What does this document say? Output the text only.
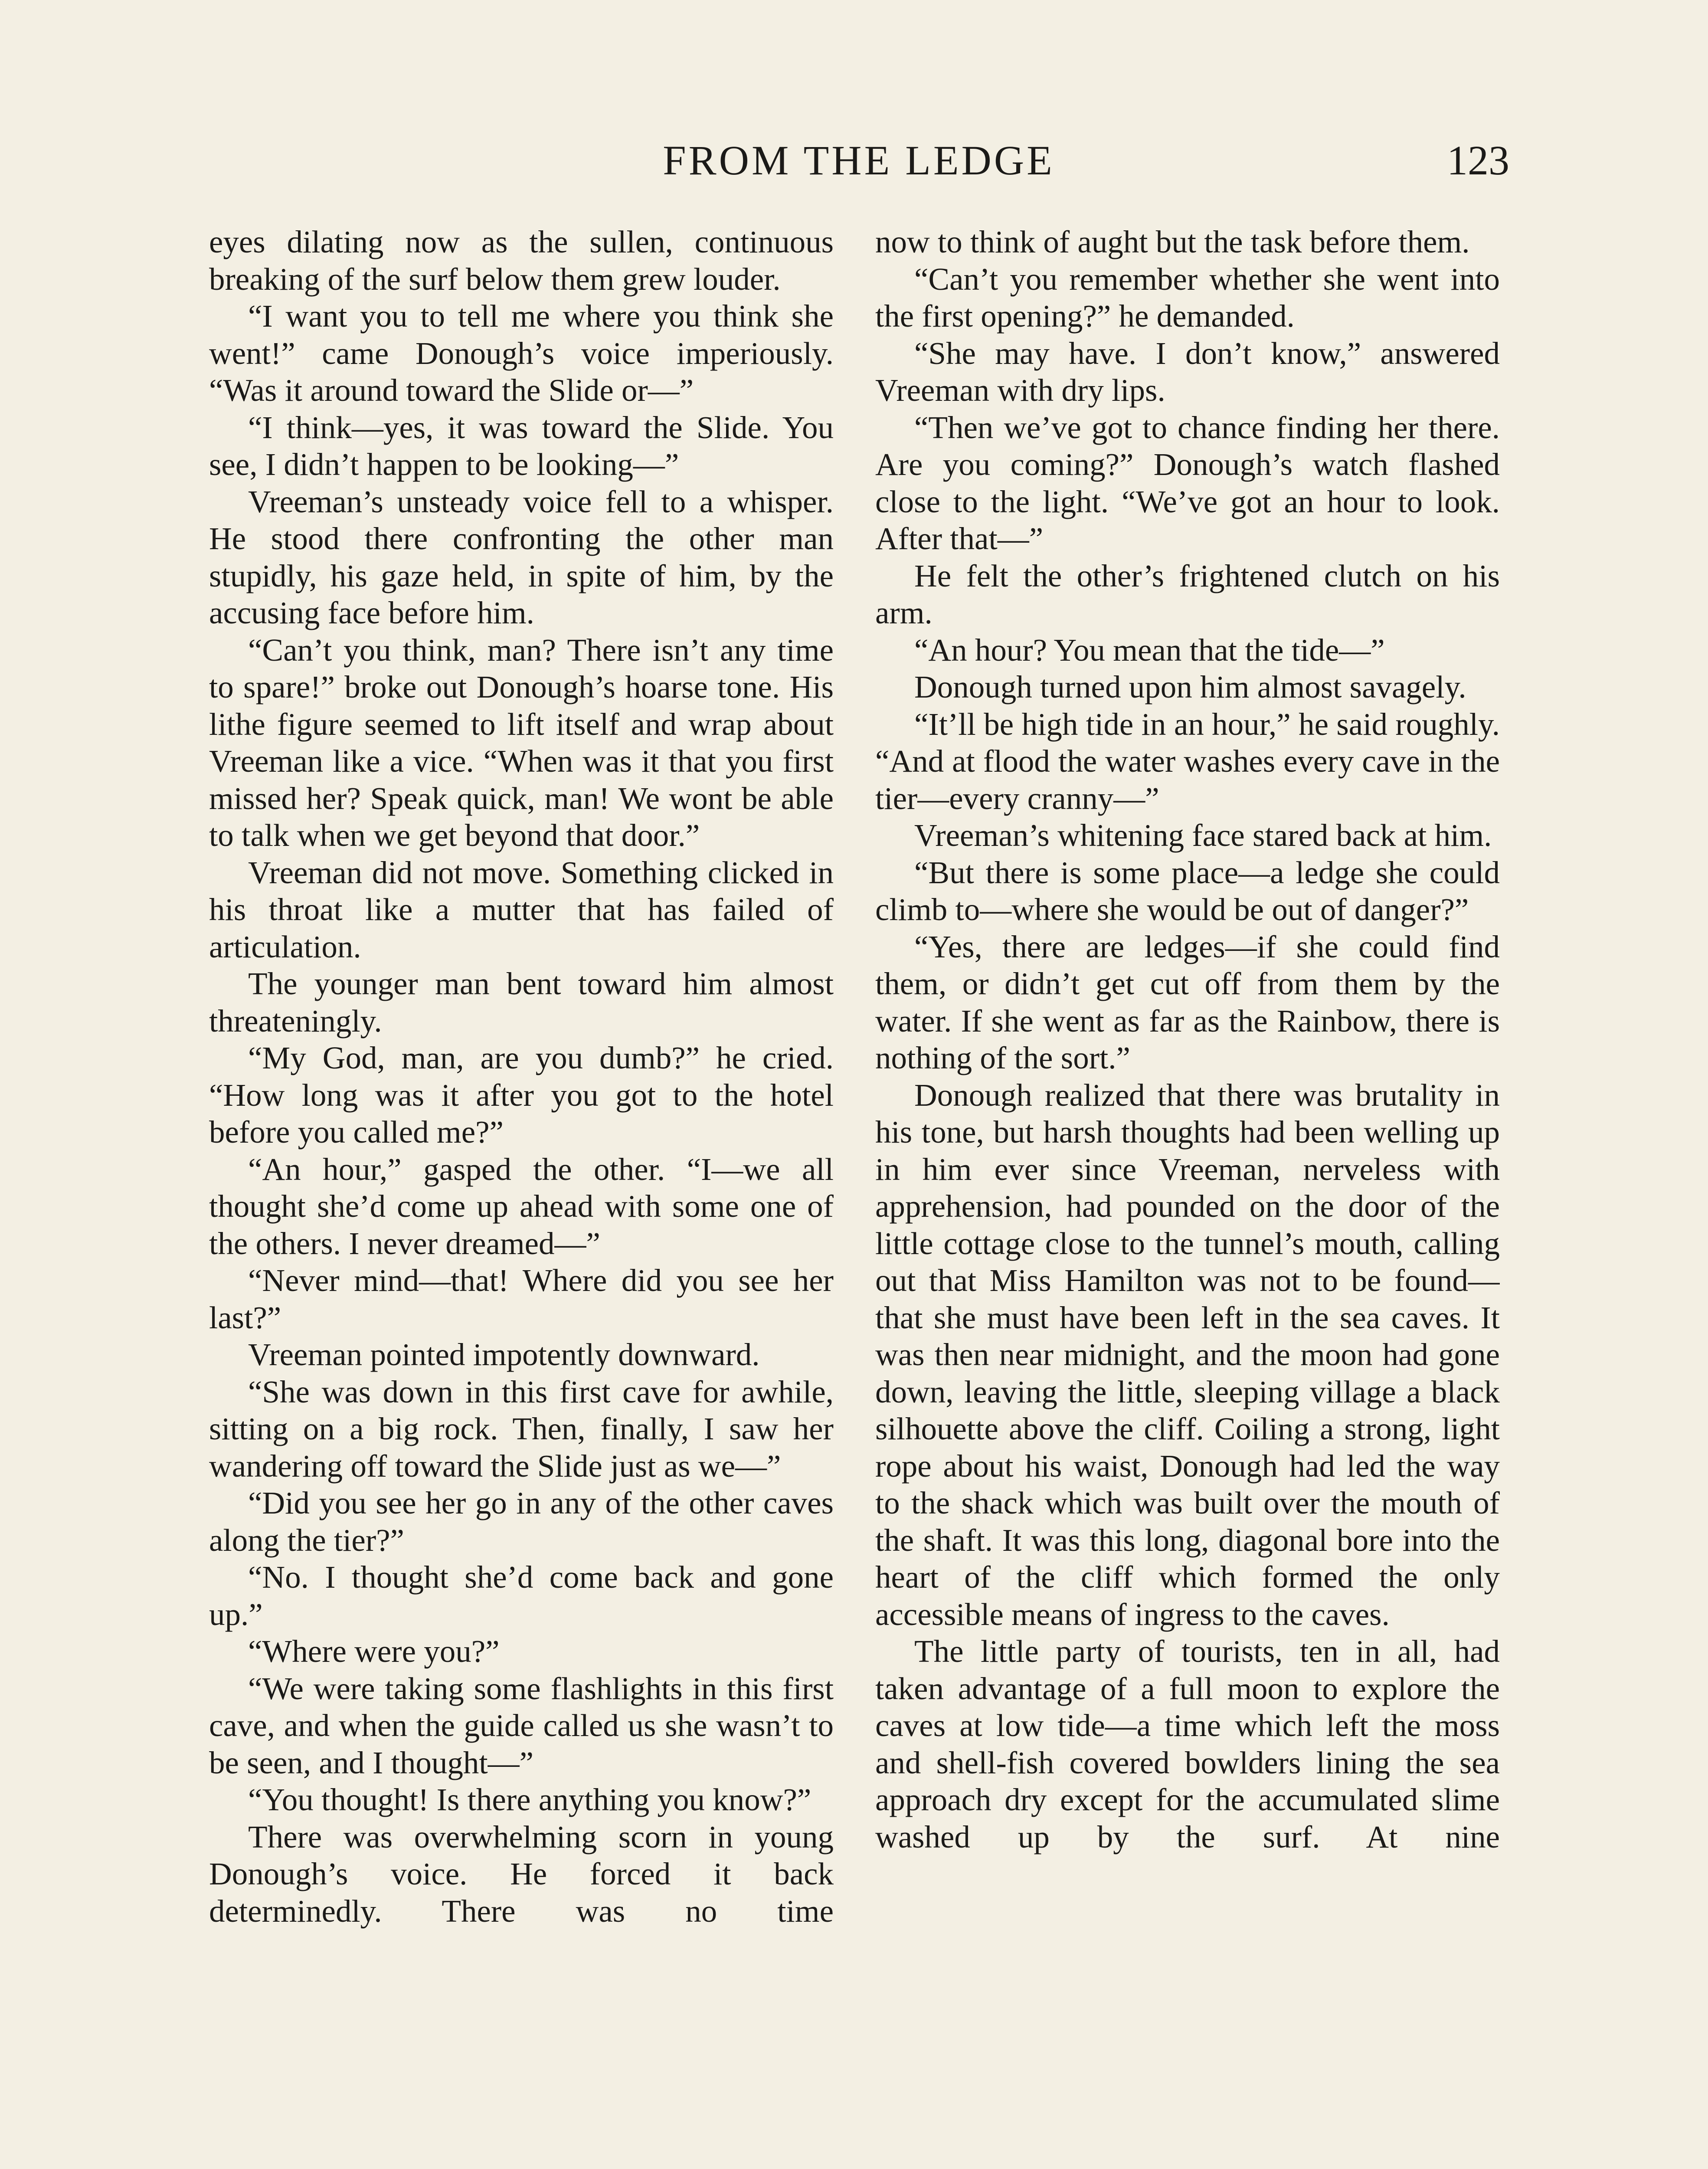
FROM THE LEDGE	123

eyes dilating now as the sullen, continuous breaking of the surf below them grew louder.

“I want you to tell me where you think she went!” came Donough’s voice imperiously. “Was it around toward the Slide or—”

“I think—yes, it was toward the Slide. You see, I didn’t happen to be looking—”

Vreeman’s unsteady voice fell to a whisper. He stood there confronting the other man stupidly, his gaze held, in spite of him, by the accusing face before him.

“Can’t you think, man? There isn’t any time to spare!” broke out Donough’s hoarse tone. His lithe figure seemed to lift itself and wrap about Vreeman like a vice. “When was it that you first missed her? Speak quick, man! We wont be able to talk when we get beyond that door.”

Vreeman did not move. Something clicked in his throat like a mutter that has failed of articulation.

The younger man bent toward him almost threateningly.

“My God, man, are you dumb?” he cried. “How long was it after you got to the hotel before you called me?”

“An hour,” gasped the other. “I—we all thought she’d come up ahead with some one of the others. I never dreamed—”

“Never mind—that! Where did you see her last?”

Vreeman pointed impotently downward.

“She was down in this first cave for awhile, sitting on a big rock. Then, finally, I saw her wandering off toward the Slide just as we—”

“Did you see her go in any of the other caves along the tier?”

“No. I thought she’d come back and gone up.”

“Where were you?”

“We were taking some flashlights in this first cave, and when the guide called us she wasn’t to be seen, and I thought—”

“You thought! Is there anything you know?”

There was overwhelming scorn in young Donough’s voice. He forced it back determinedly. There was no time

now to think of aught but the task before them.

“Can’t you remember whether she went into the first opening?” he demanded.

“She may have. I don’t know,” answered Vreeman with dry lips.

“Then we’ve got to chance finding her there. Are you coming?” Donough’s watch flashed close to the light. “We’ve got an hour to look. After that—”

He felt the other’s frightened clutch on his arm.

“An hour? You mean that the tide—”

Donough turned upon him almost savagely.

“It’ll be high tide in an hour,” he said roughly. “And at flood the water washes every cave in the tier—every cranny—”

Vreeman’s whitening face stared back at him.

“But there is some place—a ledge she could climb to—where she would be out of danger?”

“Yes, there are ledges—if she could find them, or didn’t get cut off from them by the water. If she went as far as the Rainbow, there is nothing of the sort.”

Donough realized that there was brutality in his tone, but harsh thoughts had been welling up in him ever since Vreeman, nerveless with apprehension, had pounded on the door of the little cottage close to the tunnel’s mouth, calling out that Miss Hamilton was not to be found—that she must have been left in the sea caves. It was then near midnight, and the moon had gone down, leaving the little, sleeping village a black silhouette above the cliff. Coiling a strong, light rope about his waist, Donough had led the way to the shack which was built over the mouth of the shaft. It was this long, diagonal bore into the heart of the cliff which formed the only accessible means of ingress to the caves.

The little party of tourists, ten in all, had taken advantage of a full moon to explore the caves at low tide—a time which left the moss and shell-fish covered bowlders lining the sea approach dry except for the accumulated slime washed up by the surf. At nine
